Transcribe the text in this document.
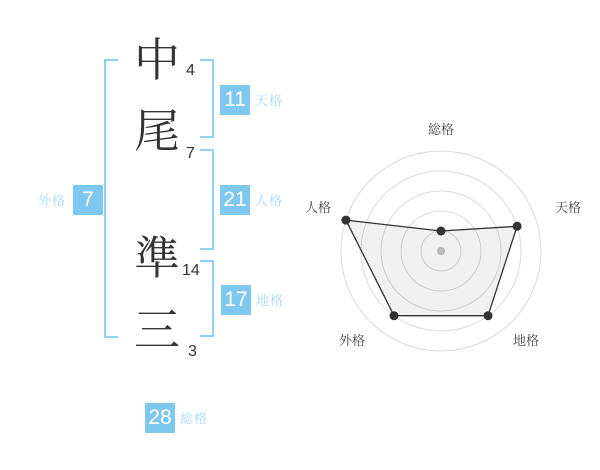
中
尾
準
三
4
7
14
3
11 天格
21 人格
17 地格
外格 7
28 総格
総格
天格
地格
外格
人格
